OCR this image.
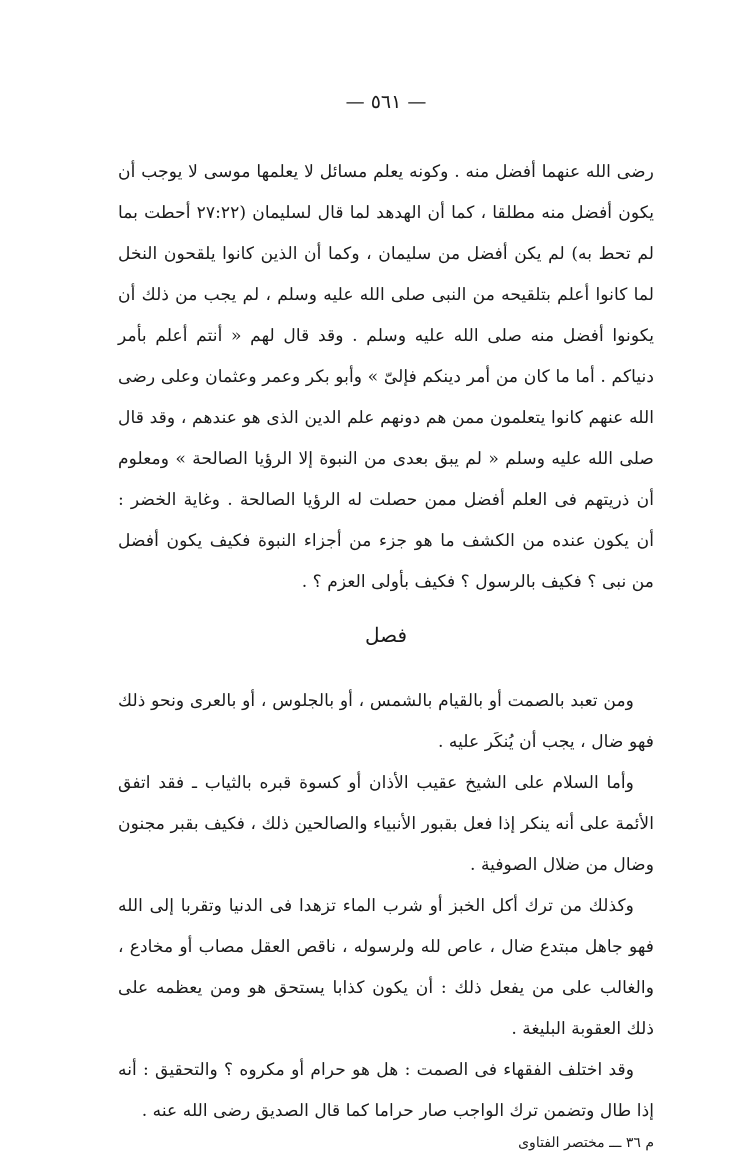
— ٥٦١ —

رضى الله عنهما أفضل منه . وكونه يعلم مسائل لا يعلمها موسى لا يوجب أن يكون أفضل منه مطلقا ، كما أن الهدهد لما قال لسليمان (٢٧:٢٢ أحطت بما لم تحط به) لم يكن أفضل من سليمان ، وكما أن الذين كانوا يلقحون النخل لما كانوا أعلم بتلقيحه من النبى صلى الله عليه وسلم ، لم يجب من ذلك أن يكونوا أفضل منه صلى الله عليه وسلم . وقد قال لهم « أنتم أعلم بأمر دنياكم . أما ما كان من أمر دينكم فإلىّ » وأبو بكر وعمر وعثمان وعلى رضى الله عنهم كانوا يتعلمون ممن هم دونهم علم الدين الذى هو عندهم ، وقد قال صلى الله عليه وسلم « لم يبق بعدى من النبوة إلا الرؤيا الصالحة » ومعلوم أن ذريتهم فى العلم أفضل ممن حصلت له الرؤيا الصالحة . وغاية الخضر : أن يكون عنده من الكشف ما هو جزء من أجزاء النبوة فكيف يكون أفضل من نبى ؟ فكيف بالرسول ؟ فكيف بأولى العزم ؟ .

فصل

ومن تعبد بالصمت أو بالقيام بالشمس ، أو بالجلوس ، أو بالعرى ونحو ذلك فهو ضال ، يجب أن يُنكَر عليه .

وأما السلام على الشيخ عقيب الأذان أو كسوة قبره بالثياب ـ فقد اتفق الأئمة على أنه ينكر إذا فعل بقبور الأنبياء والصالحين ذلك ، فكيف بقبر مجنون وضال من ضلال الصوفية .

وكذلك من ترك أكل الخبز أو شرب الماء تزهدا فى الدنيا وتقربا إلى الله فهو جاهل مبتدع ضال ، عاص لله ولرسوله ، ناقص العقل مصاب أو مخادع ، والغالب على من يفعل ذلك : أن يكون كذابا يستحق هو ومن يعظمه على ذلك العقوبة البليغة .

وقد اختلف الفقهاء فى الصمت : هل هو حرام أو مكروه ؟ والتحقيق : أنه إذا طال وتضمن ترك الواجب صار حراما كما قال الصديق رضى الله عنه .

م ٣٦ ـــ مختصر الفتاوى
